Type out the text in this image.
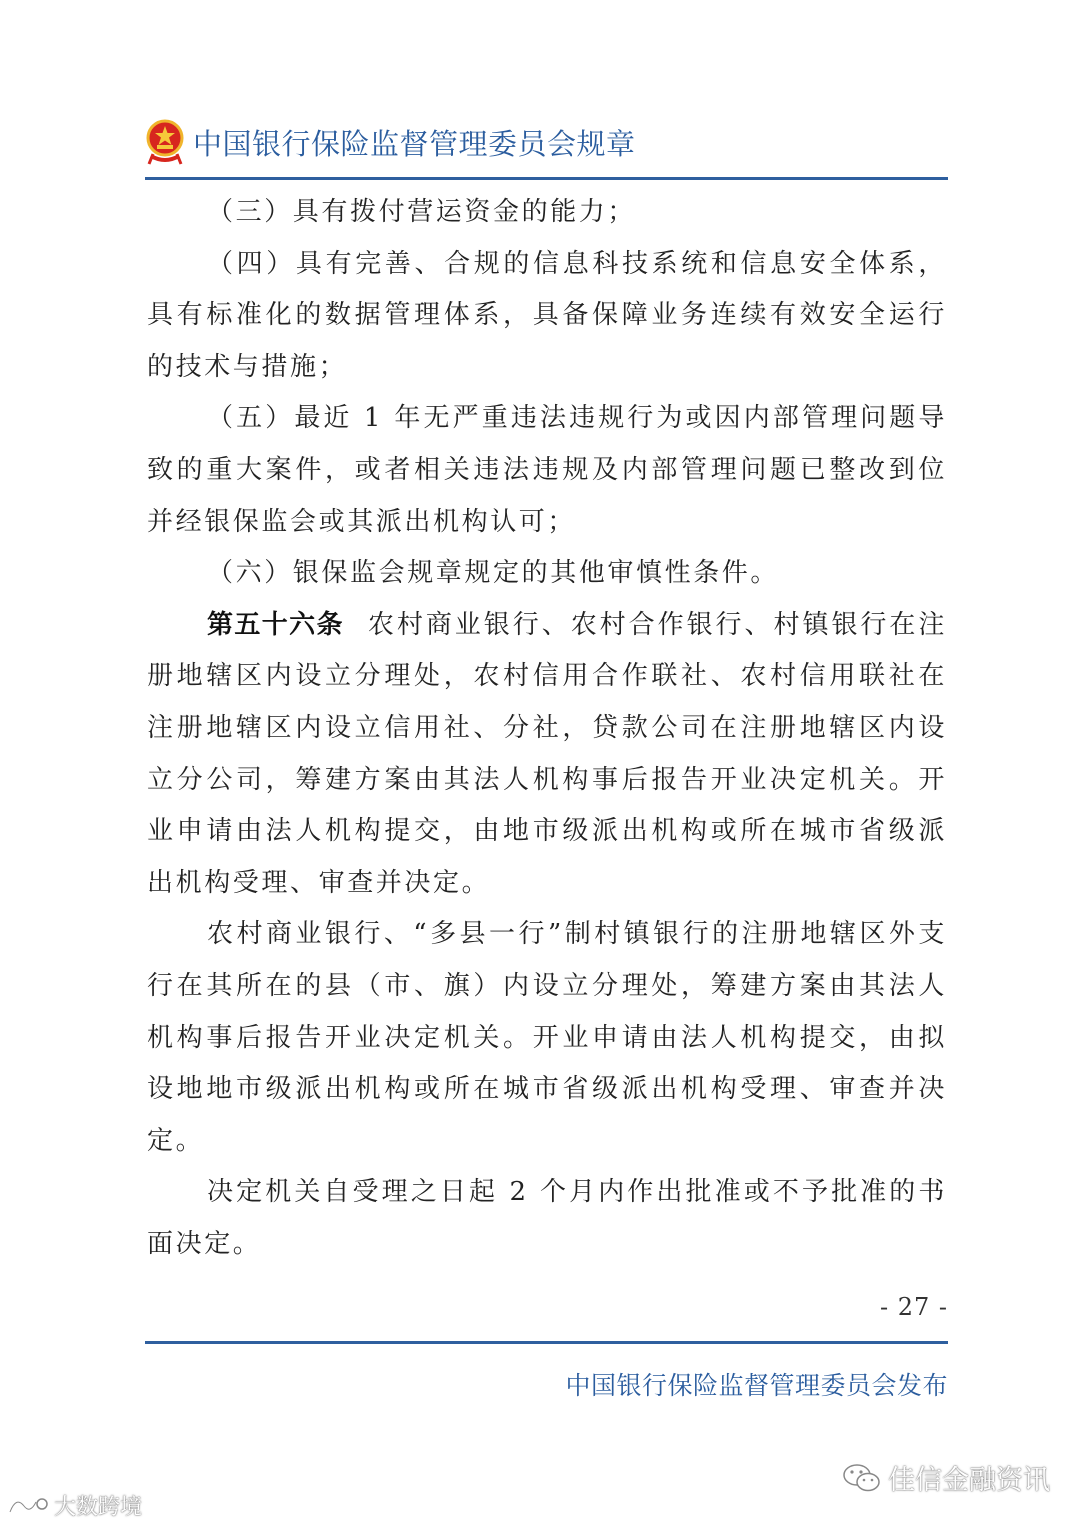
中国银行保险监督管理委员会规章

（三）具有拨付营运资金的能力；

（四）具有完善、合规的信息科技系统和信息安全体系，具有标准化的数据管理体系，具备保障业务连续有效安全运行的技术与措施；

（五）最近 1 年无严重违法违规行为或因内部管理问题导致的重大案件，或者相关违法违规及内部管理问题已整改到位并经银保监会或其派出机构认可；

（六）银保监会规章规定的其他审慎性条件。

第五十六条 农村商业银行、农村合作银行、村镇银行在注册地辖区内设立分理处，农村信用合作联社、农村信用联社在注册地辖区内设立信用社、分社，贷款公司在注册地辖区内设立分公司，筹建方案由其法人机构事后报告开业决定机关。开业申请由法人机构提交，由地市级派出机构或所在城市省级派出机构受理、审查并决定。

农村商业银行、“多县一行”制村镇银行的注册地辖区外支行在其所在的县（市、旗）内设立分理处，筹建方案由其法人机构事后报告开业决定机关。开业申请由法人机构提交，由拟设地地市级派出机构或所在城市省级派出机构受理、审查并决定。

决定机关自受理之日起 2 个月内作出批准或不予批准的书面决定。

- 27 -
中国银行保险监督管理委员会发布
大数跨境
佳信金融资讯
